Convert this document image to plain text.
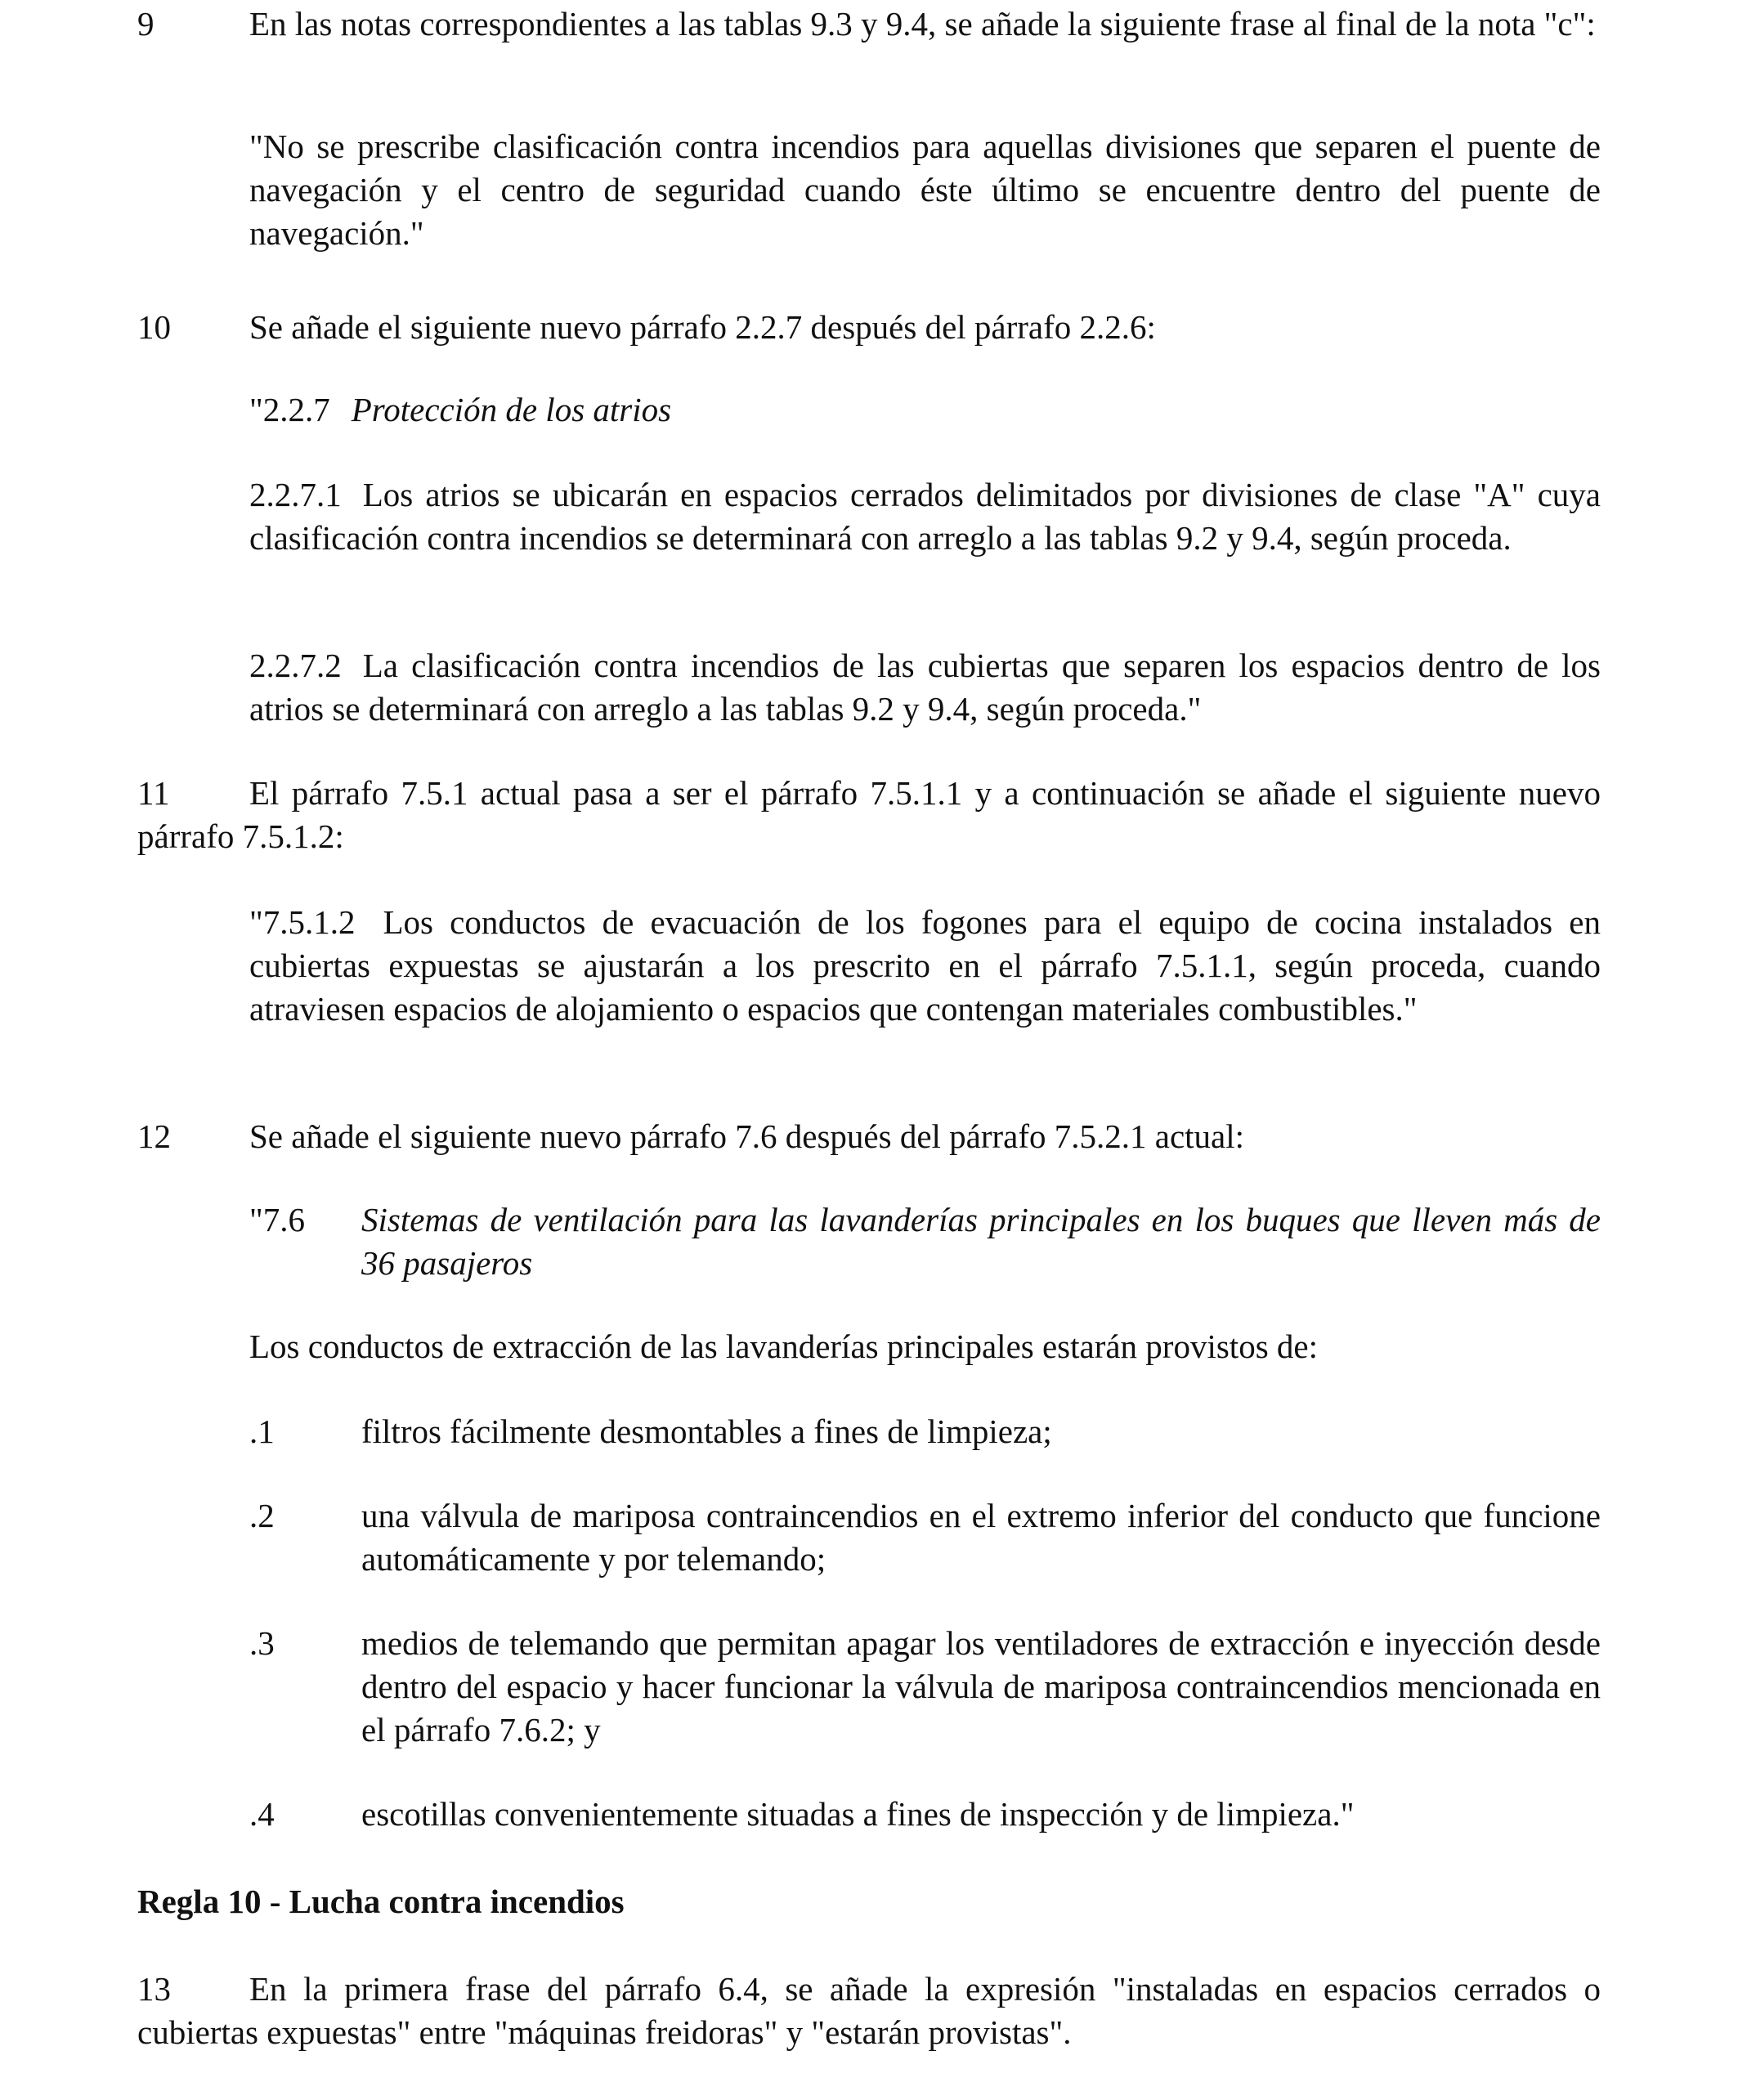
9	En las notas correspondientes a las tablas 9.3 y 9.4, se añade la siguiente frase al final de la nota "c":

"No se prescribe clasificación contra incendios para aquellas divisiones que separen el puente de navegación y el centro de seguridad cuando éste último se encuentre dentro del puente de navegación."

10 Se añade el siguiente nuevo párrafo 2.2.7 después del párrafo 2.2.6:

"2.2.7 Protección de los atrios

2.2.7.1 Los atrios se ubicarán en espacios cerrados delimitados por divisiones de clase "A" cuya clasificación contra incendios se determinará con arreglo a las tablas 9.2 y 9.4, según proceda.

2.2.7.2 La clasificación contra incendios de las cubiertas que separen los espacios dentro de los atrios se determinará con arreglo a las tablas 9.2 y 9.4, según proceda."

11 El párrafo 7.5.1 actual pasa a ser el párrafo 7.5.1.1 y a continuación se añade el siguiente nuevo párrafo 7.5.1.2:

"7.5.1.2 Los conductos de evacuación de los fogones para el equipo de cocina instalados en cubiertas expuestas se ajustarán a los prescrito en el párrafo 7.5.1.1, según proceda, cuando atraviesen espacios de alojamiento o espacios que contengan materiales combustibles."

12 Se añade el siguiente nuevo párrafo 7.6 después del párrafo 7.5.2.1 actual:

"7.6 Sistemas de ventilación para las lavanderías principales en los buques que lleven más de 36 pasajeros

Los conductos de extracción de las lavanderías principales estarán provistos de:

.1	filtros fácilmente desmontables a fines de limpieza;
.2	una válvula de mariposa contraincendios en el extremo inferior del conducto que funcione automáticamente y por telemando;
.3	medios de telemando que permitan apagar los ventiladores de extracción e inyección desde dentro del espacio y hacer funcionar la válvula de mariposa contraincendios mencionada en el párrafo 7.6.2; y
.4	escotillas convenientemente situadas a fines de inspección y de limpieza."
Regla 10 - Lucha contra incendios

13 En la primera frase del párrafo 6.4, se añade la expresión "instaladas en espacios cerrados o cubiertas expuestas" entre "máquinas freidoras" y "estarán provistas".
